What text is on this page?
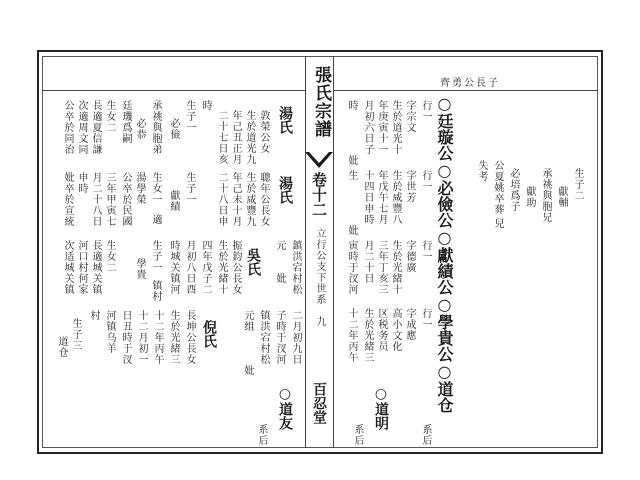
齊勇公長子
張氏宗譜
卷十二
立行公支下世系　九
百忍堂	○廷璇公○必儉公○獻績公○學貴公○道仓
行一
字宗文
生於道光十
年庚寅十一
月初六日子
時　　　　妣
行一
字世芳
生於咸豐八
年戊午七月
十四日申時
生　　　　妣
行一
字德廣
生於光緒十
三年丁亥三
月二十日
寅時于汊河
行一
字成應
高小文化
区税务员
生於光緒三
十二年丙午
○道明
系后	系后
生子二
獻輔
承祧與胞兄
獻助
必培爲子
兒
公夏姚卒葬
失考
湯氏
湯氏
吳氏
倪氏
○道友
系后
敦榮公女
生於道光九
年己丑正月
二十七日亥
時
生子一
必儉
承祧與胞弟
必恭
廷璣爲嗣
生女二
長適夏信謙
次適周文同
公卒於同治
聰年公長女
生於咸豐九
年己未十月
二十八日申
生子一
獻績
生女一
適
湯學榮
公卒於民國
三年甲寅七
月二十八日
申時
妣卒於宣統
鎮洪宕村松
元　　妣
振鈞公長女
生於光緒十
四年戊子二
月初八日酉
時城关镇河
生子一
學貴
镇村
生女二
長適城关镇
河口村何家
次适城关镇
二月初九日
子時于汊河
镇洪宕村松
元组　　　妣
長坤公長女
生於光緒三
十二年丙午
十二月初一
日丑時于汊
河镇乌羊
村
生子三
道仓
